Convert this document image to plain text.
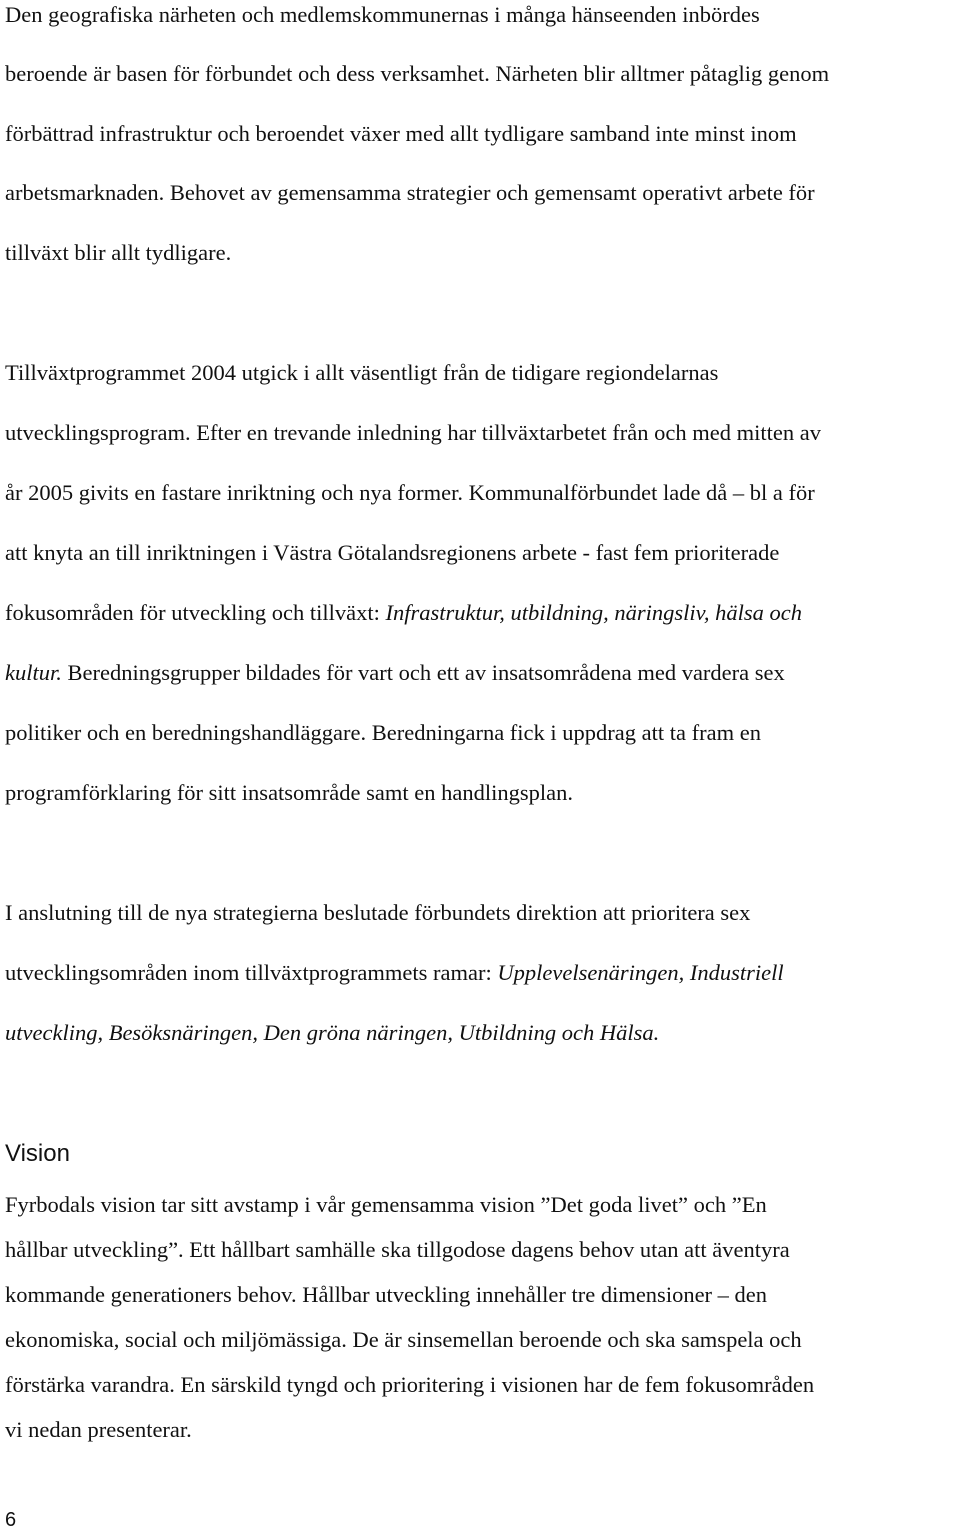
Den geografiska närheten och medlemskommunernas i många hänseenden inbördes

beroende är basen för förbundet och dess verksamhet. Närheten blir alltmer påtaglig genom

förbättrad infrastruktur och beroendet växer med allt tydligare samband inte minst inom

arbetsmarknaden. Behovet av gemensamma strategier och gemensamt operativt arbete för

tillväxt blir allt tydligare.

Tillväxtprogrammet 2004 utgick i allt väsentligt från de tidigare regiondelarnas

utvecklingsprogram. Efter en trevande inledning har tillväxtarbetet från och med mitten av

år 2005 givits en fastare inriktning och nya former. Kommunalförbundet lade då – bl a för

att knyta an till inriktningen i Västra Götalandsregionens arbete - fast fem prioriterade

fokusområden för utveckling och tillväxt: Infrastruktur, utbildning, näringsliv, hälsa och

kultur. Beredningsgrupper bildades för vart och ett av insatsområdena med vardera sex

politiker och en beredningshandläggare. Beredningarna fick i uppdrag att ta fram en

programförklaring för sitt insatsområde samt en handlingsplan.

I anslutning till de nya strategierna beslutade förbundets direktion att prioritera sex

utvecklingsområden inom tillväxtprogrammets ramar: Upplevelsenäringen, Industriell

utveckling, Besöksnäringen, Den gröna näringen, Utbildning och Hälsa.

Vision

Fyrbodals vision tar sitt avstamp i vår gemensamma vision ”Det goda livet” och ”En

hållbar utveckling”. Ett hållbart samhälle ska tillgodose dagens behov utan att äventyra

kommande generationers behov. Hållbar utveckling innehåller tre dimensioner – den

ekonomiska, social och miljömässiga. De är sinsemellan beroende och ska samspela och

förstärka varandra. En särskild tyngd och prioritering i visionen har de fem fokusområden

vi nedan presenterar.

6
